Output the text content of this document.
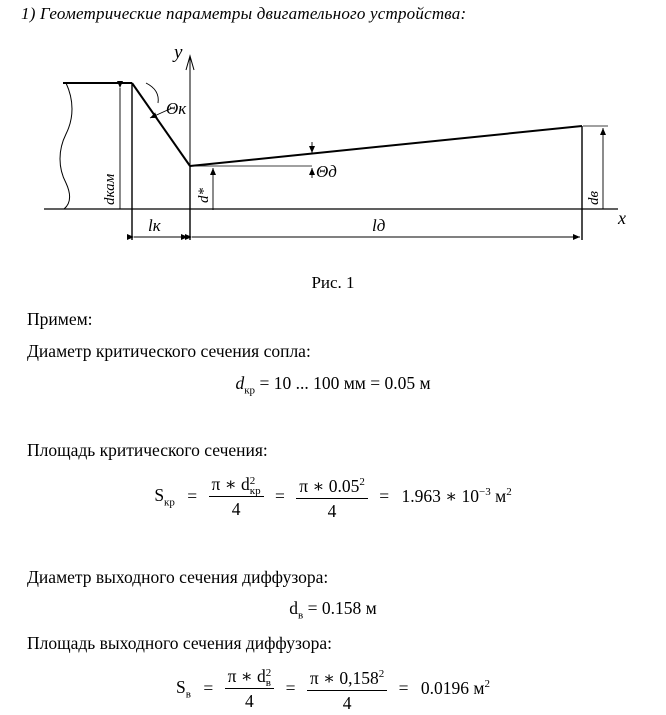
1) Геометрические параметры двигательного устройства:
y
x
Θк
Θд
dкам	d*	dв
lк	lд
Рис. 1
Примем:
Диаметр критического сечения сопла:
$d_{кр} = 10$ ... 100 мм = 0.05 м
Площадь критического сечения:
$S_{кр} = \pi$ ∗ d 2
кр
$4 = \frac{\pi ∗ 0.05^2}{4} = 1.963$ ∗ $10^{-3}$ $м^2$
Диаметр выходного сечения диффузора:
$d_в = 0.158$ м
Площадь выходного сечения диффузора:
$S_в = \pi$ ∗ d 2
в
$4 = \frac{\pi ∗ 0,158^2}{4} = 0.0196$ $м^2$
